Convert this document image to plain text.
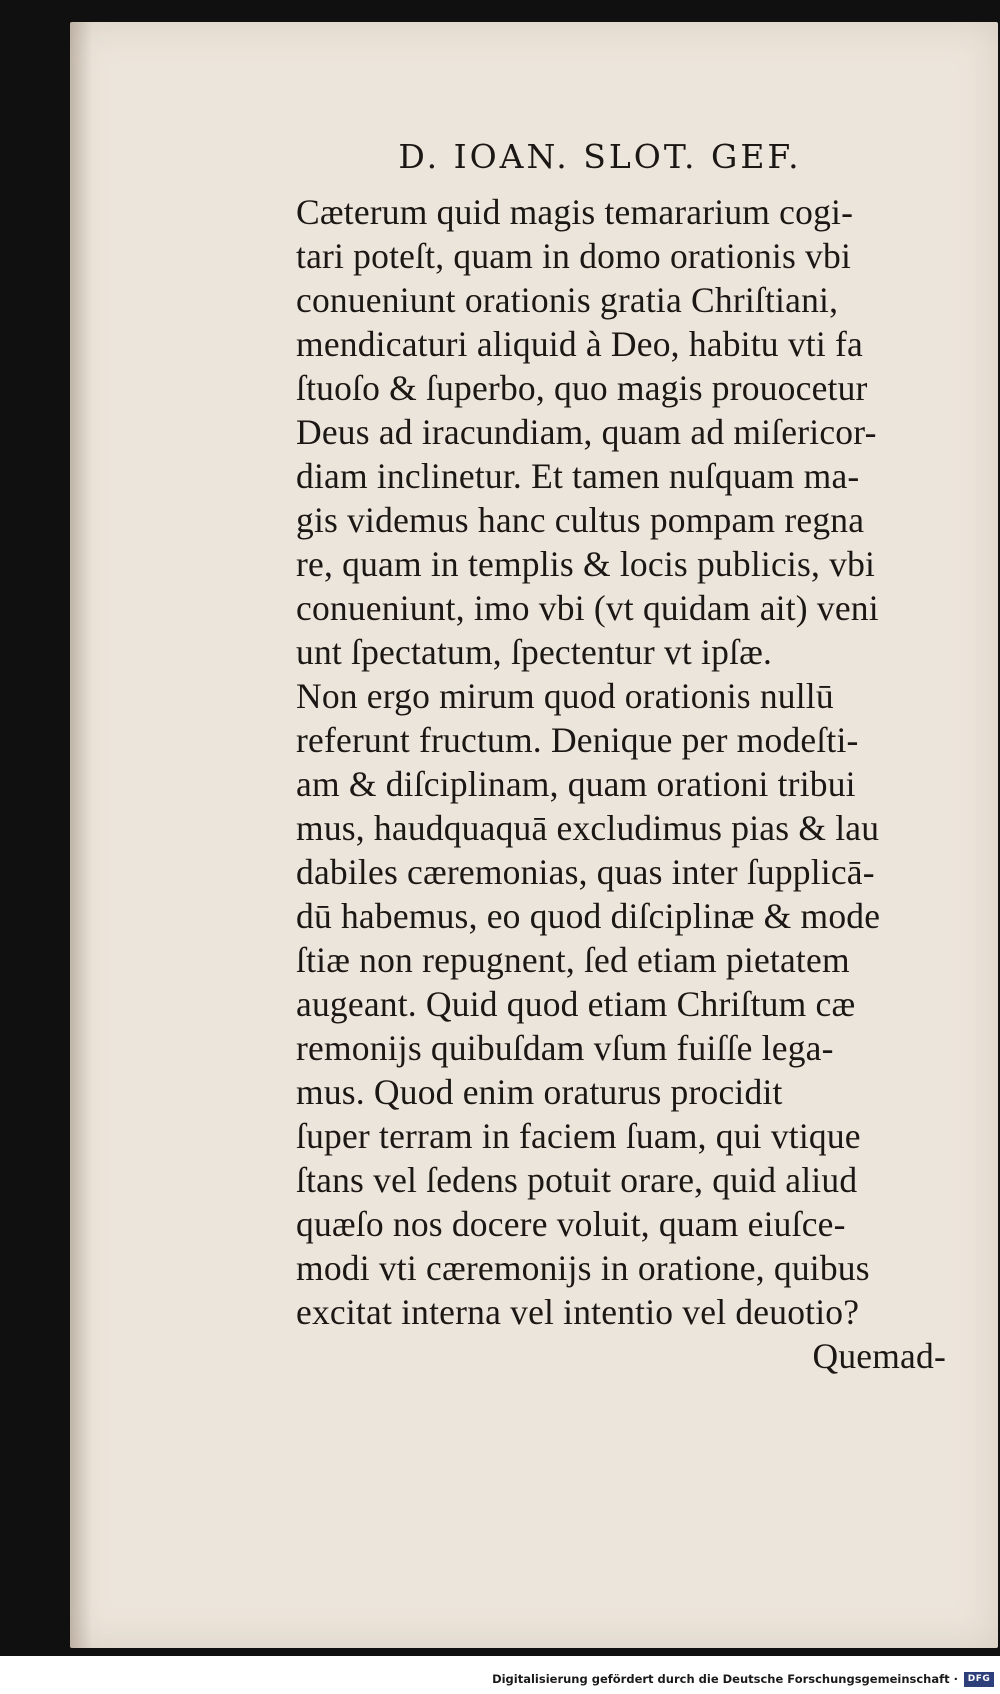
D. IOAN. SLOT. GEF.
Cæterum quid magis temararium cogi-
tari poteſt, quam in domo orationis vbi
conueniunt orationis gratia Chriſtiani,
mendicaturi aliquid à Deo, habitu vti fa
ſtuoſo & ſuperbo, quo magis prouocetur
Deus ad iracundiam, quam ad miſericor-
diam inclinetur. Et tamen nuſquam ma-
gis videmus hanc cultus pompam regna
re, quam in templis & locis publicis, vbi
conueniunt, imo vbi (vt quidam ait) veni
unt ſpectatum, ſpectentur vt ipſæ.
Non ergo mirum quod orationis nullū
referunt fructum. Denique per modeſti-
am & diſciplinam, quam orationi tribui
mus, haudquaquā excludimus pias & lau
dabiles cæremonias, quas inter ſupplicā-
dū habemus, eo quod diſciplinæ & mode
ſtiæ non repugnent, ſed etiam pietatem
augeant. Quid quod etiam Chriſtum cæ
remonijs quibuſdam vſum fuiſſe lega-
mus. Quod enim oraturus procidit
ſuper terram in faciem ſuam, qui vtique
ſtans vel ſedens potuit orare, quid aliud
quæſo nos docere voluit, quam eiuſce-
modi vti cæremonijs in oratione, quibus
excitat interna vel intentio vel deuotio?
Quemad-
Digitalisierung gefördert durch die Deutsche Forschungsgemeinschaft ·	DFG
